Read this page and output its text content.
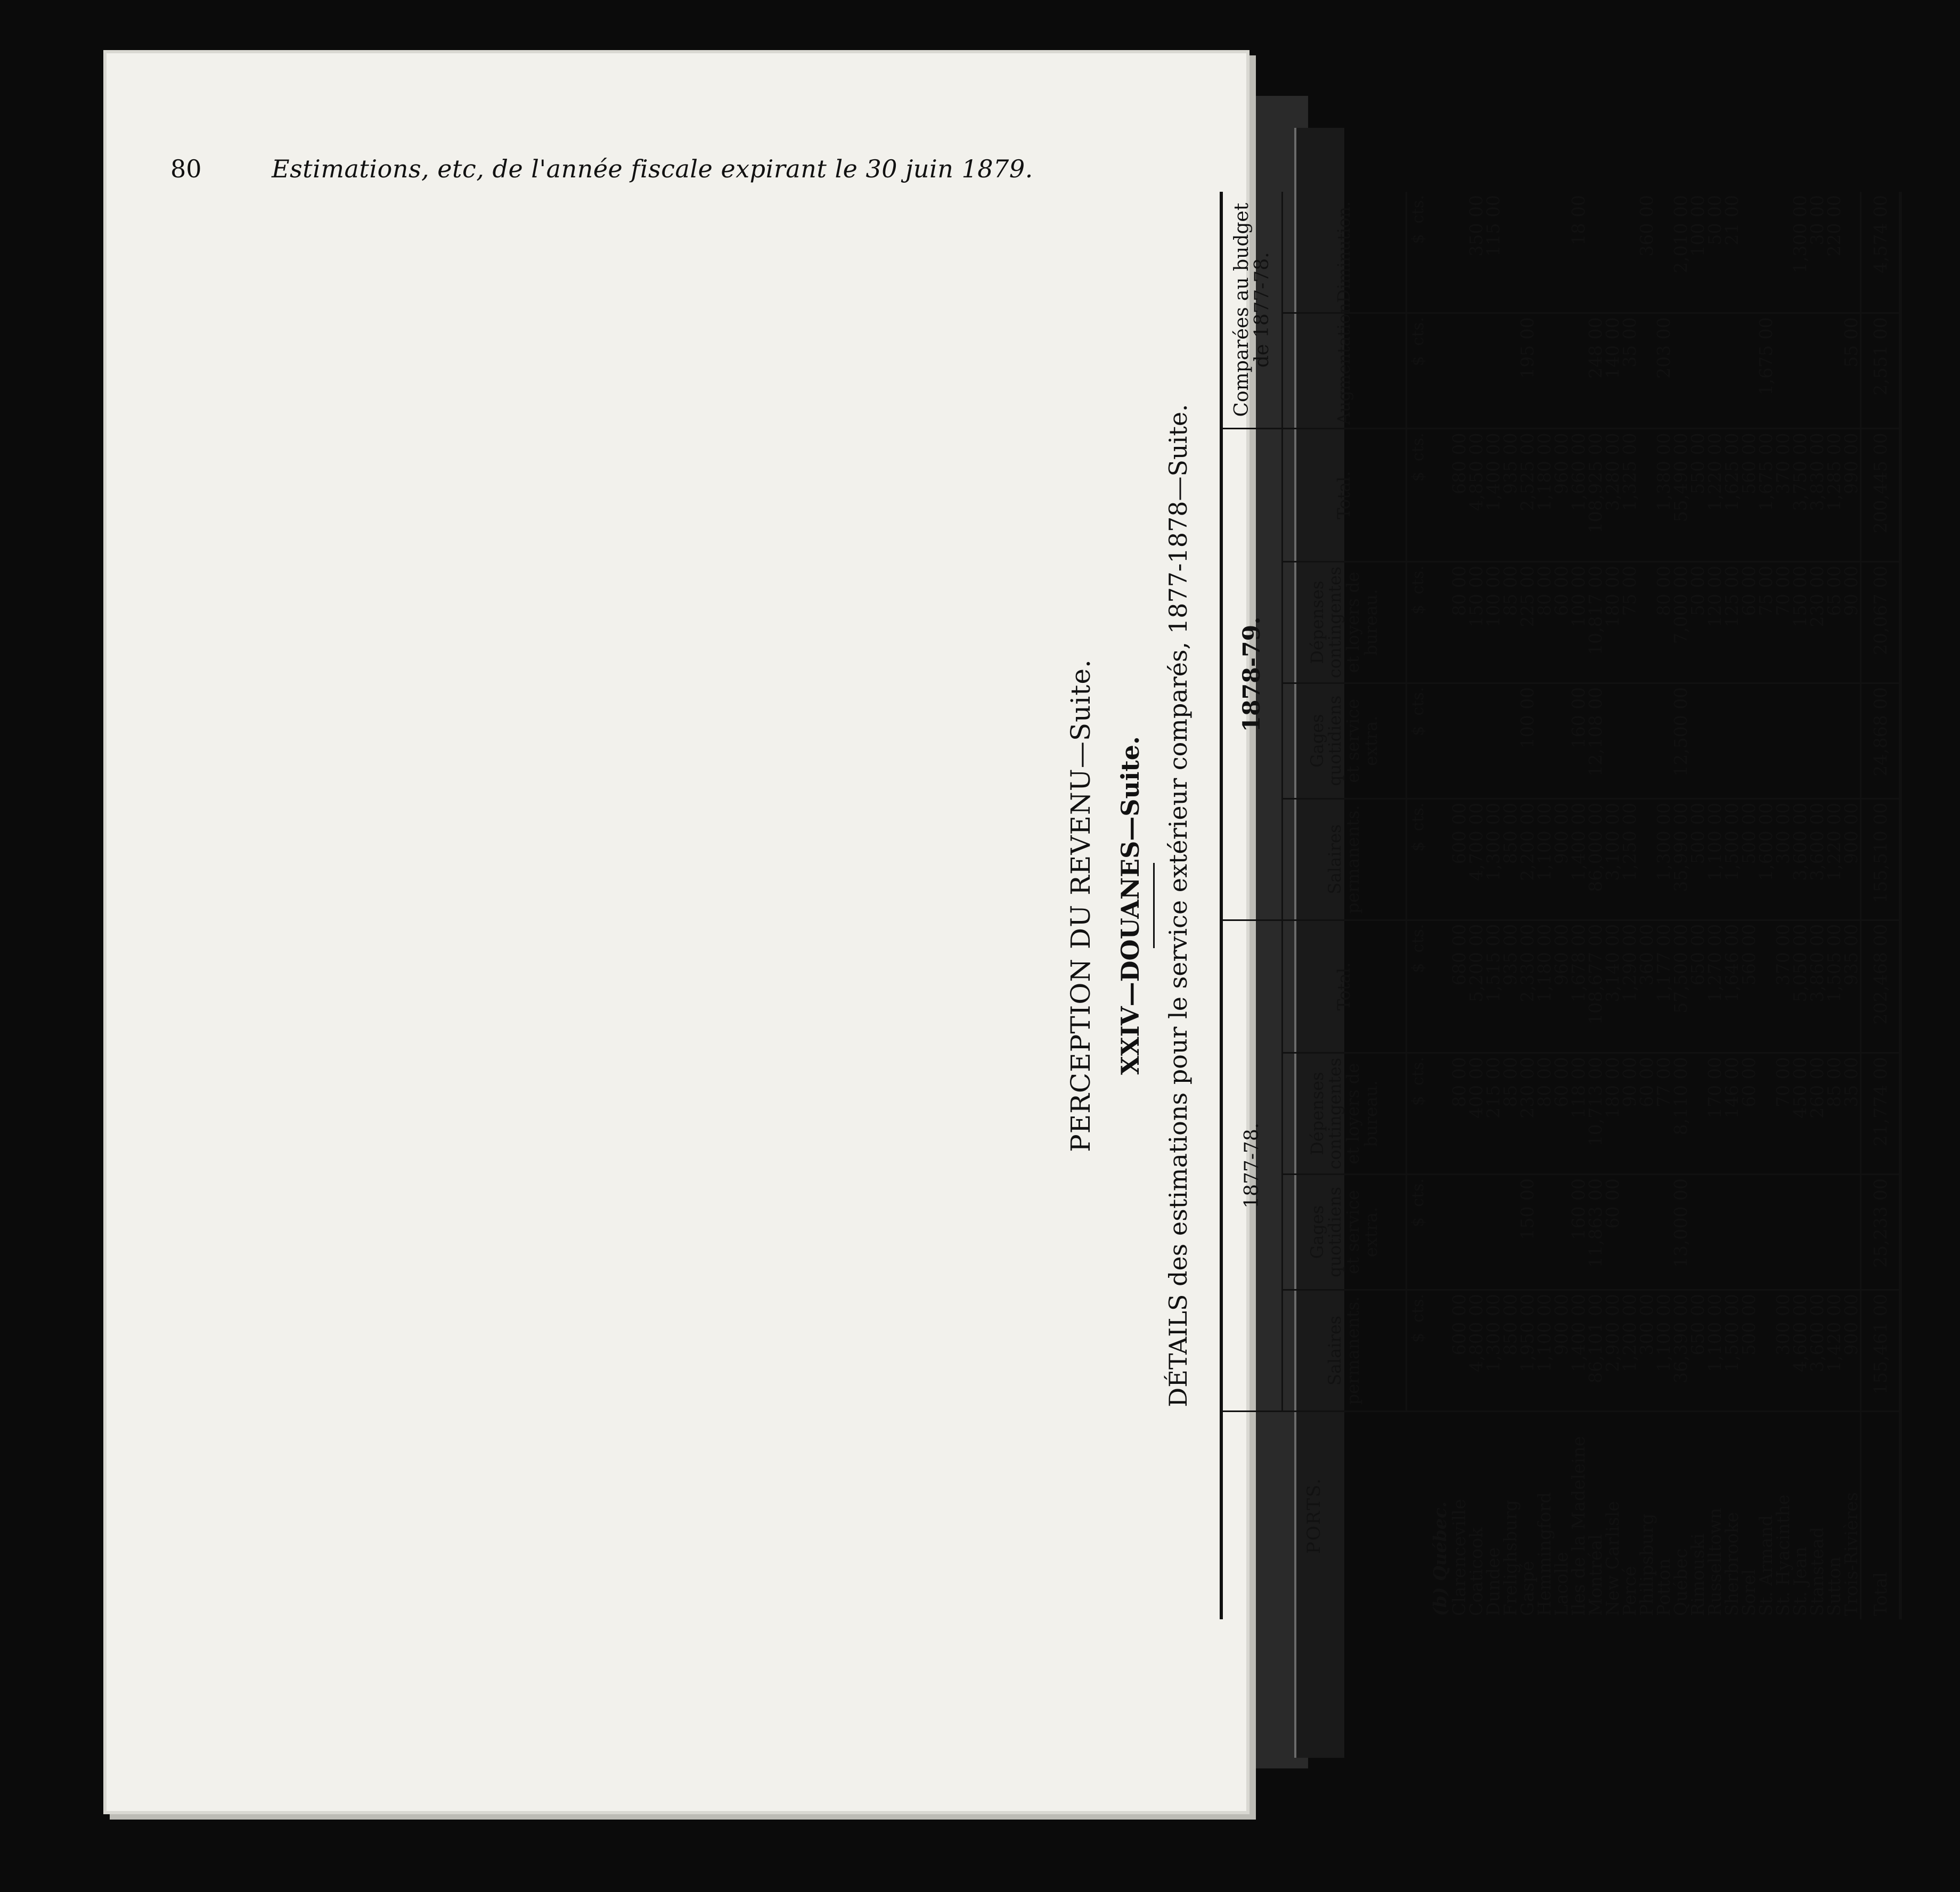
80	Estimations, etc, de l'année fiscale expirant le 30 juin 1879.
PERCEPTION DU REVENU—Suite. XXIV—DOUANES—Suite. DÉTAILS des estimations pour le service extérieur comparés, 1877-1878—Suite.
PORTS.	1877-78.				1878-79.				Comparées au budget de 1877-78.	
	Salaires permanents.	Gages quotidiens et service extra.	Dépenses contingentes et loyers de bureau.	Total.	Salaires permanents.	Gages quotidiens et service extra.	Dépenses contingentes et loyers de bureau.	Total.	Augmentation.	Diminution.
	$  cts.	$  cts.	$  cts.	$  cts.	$  cts.	$  cts.	$  cts.	$  cts.	$  cts.	$  cts.
(b) Québec.										
Clarenceville	600 00		80 00	680 00	600 00		80 00	680 00		
Coaticook	4,800 00		400 00	5,200 00	4,700 00		150 00	4,850 00		350 00
Dundee	1,300 00		215 00	1,515 00	1,300 00		100 00	1,400 00		115 00
Frelighsburg	850 00		85 00	935 00	850 00		85 00	935 00		
Gaspé	1,950 00	150 00	230 00	2,330 00	2,200 00	100 00	225 00	2,525 00	195 00	
Hemmingford	1,100 00		80 00	1,180 00	1,100 00		80 00	1,180 00		
Lacolle	900 00		60 00	960 00	900 00		60 00	960 00		
Iles de la Madeleine	1,400 00	160 00	118 00	1,678 00	1,400 00	160 00	100 00	1,660 00		18 00
Montréal	86,101 00	11,863 00	10,713 00	108,677 00	86,000 00	12,108 00	10,817 00	108,925 00	248 00	
New Carlisle	2,900 00	60 00	180 00	3,140 00	3,100 00		180 00	3,280 00	140 00	
Percé	1,200 00		90 00	1,290 00	1,250 00		75 00	1,325 00	35 00	
Philipsburg	300 00		60 00	360 00						360 00
Potton	1,100 00		77 00	1,177 00	1,300 00		80 00	1,380 00	203 00	
Québec	36,390 00	13,000 00	8,110 00	57,500 00	35,990 00	12,500 00	7,000 00	55,490 00		2,010 00
Rimouski	650 00			650 00	500 00		50 00	550 00		100 00
Russelltown	1,100 00		170 00	1,270 00	1,100 00		120 00	1,220 00		50 00
Sherbrooke	1,500 00		146 00	1,646 00	1,500 00		125 00	1,625 00		21 00
Sorel	500 00		60 00	560 00	500 00		60 00	560 00		
St. Armand					1,600 00		75 00	1,675 00	1,675 00	
St. Hyacinthe	300 00		70 00	370 00	300 00		70 00	370 00		
St. Jean	4,600 00		450 00	5,050 00	3,600 00		150 00	3,750 00		1,300 00
Stanstead	3,600 00		260 00	3,860 00	3,600 00		230 00	3,830 00		30 00
Sutton	1,420 00		85 00	1,505 00	1,220 00		65 00	1,285 00		220 00
Trois-Rivières	900 00		35 00	935 00	900 00		90 00	990 00	55 00	
Total	155,461 00	25,233 00	21,774 00	202,468 00	155,510 00	24,868 00	20,067 00	200,445 00	2,551 00	4,574 00
